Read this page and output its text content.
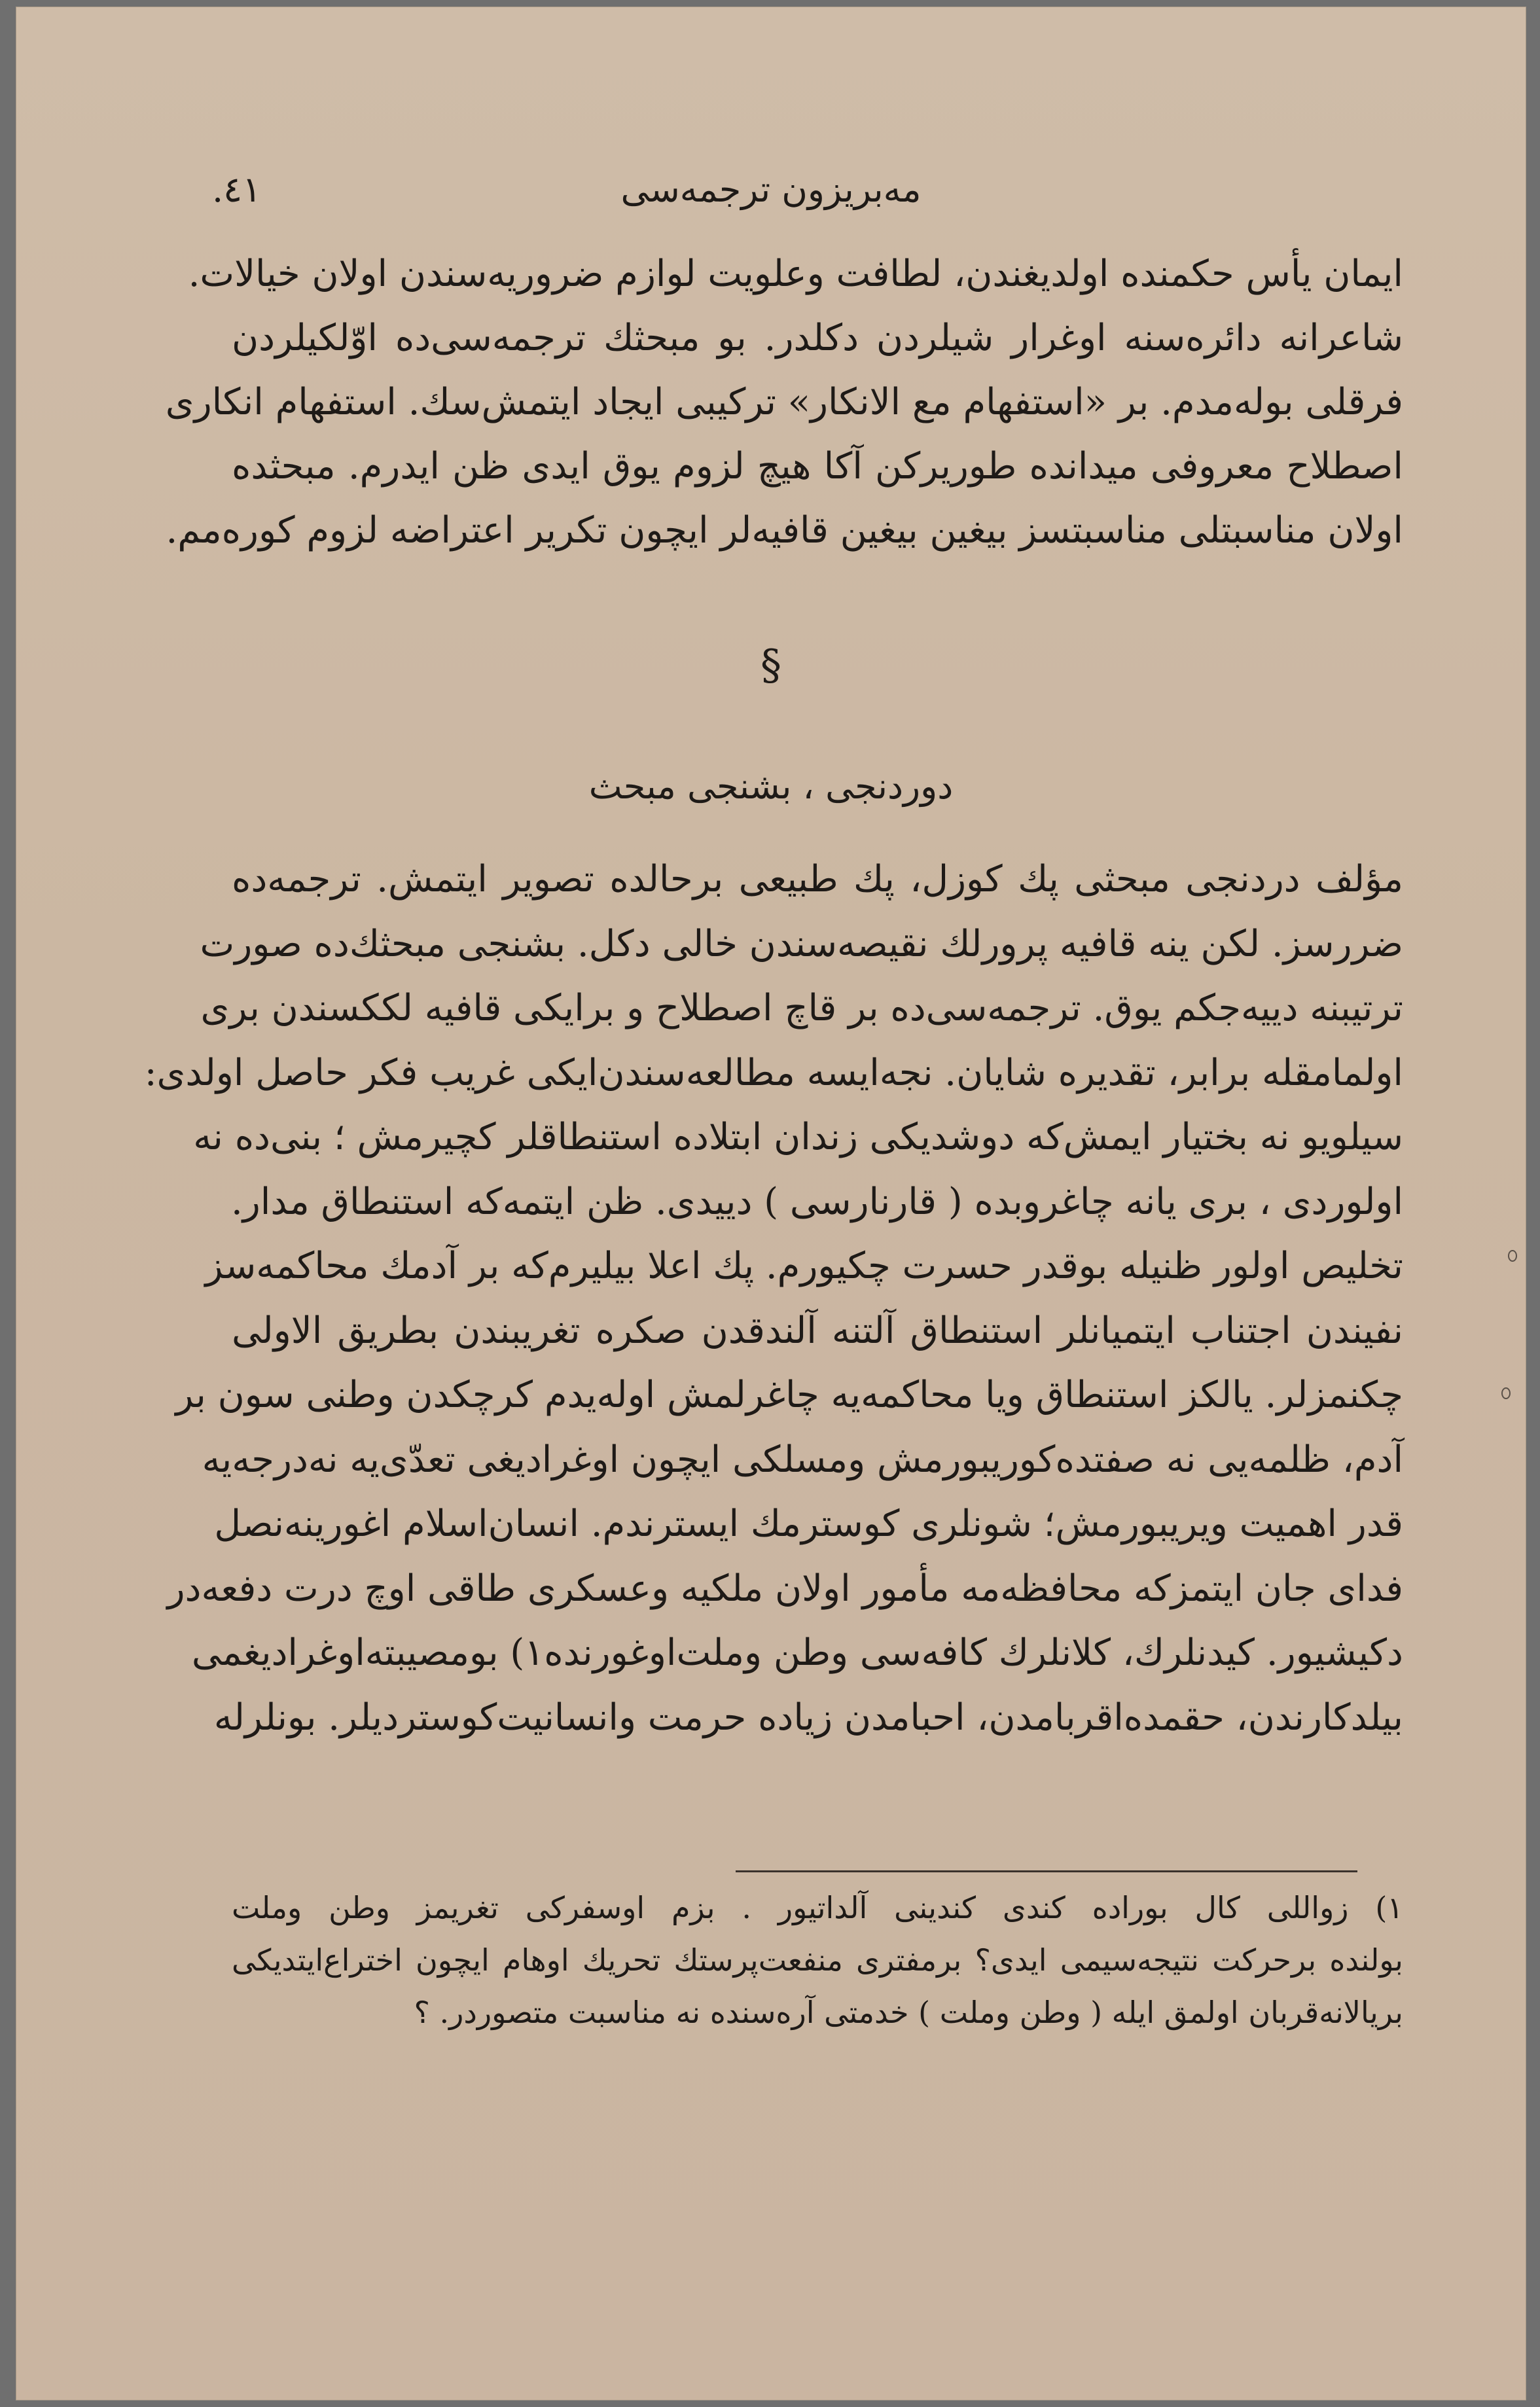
مه‌بریزون ترجمه‌سی
٤١.
ایمان یأس حکمنده اولدیغندن، لطافت وعلویت لوازم ضروریه‌سندن اولان خیالات‌.
شاعرانه دائره‌سنه اوغرار شیلردن دکلدر. بو مبحثك ترجمه‌سی‌ده اوّلکیلردن
فرقلی بوله‌مدم. بر «استفهام مع الانکار» ترکیبی ایجاد ایتمش‌سك. استفهام انکاری
اصطلاح معروفی میدانده طوریرکن آکا هیچ لزوم یوق ایدی ظن ایدرم. مبحثده
اولان مناسبتلی مناسبتسز بیغین بیغین قافیه‌لر ایچون تکریر اعتراضه لزوم کوره‌مم.
§
دوردنجی ، بشنجی مبحث
مؤلف دردنجی مبحثی پك کوزل، پك طبیعی برحالده تصویر ایتمش. ترجمه‌ده
ضررسز. لکن ینه قافیه پرورلك نقیصه‌سندن خالی دکل. بشنجی مبحثك‌ده صورت
ترتیبنه دییه‌جکم یوق. ترجمه‌سی‌ده بر قاچ اصطلاح و برایکی قافیه لککسندن بری
اولمامقله برابر، تقدیره شایان. نجه‌ایسه مطالعه‌سندن‌ایکی غریب فکر حاصل اولدی:
سیلویو نه بختیار ایمش‌که دوشدیکی زندان ابتلاده استنطاقلر کچیرمش ؛ بنی‌ده نه
اولوردی ، بری یانه چاغروبده ( قارنارسی ) دییدی. ظن ایتمه‌که استنطاق مدار‌.
تخلیص اولور ظنیله بوقدر حسرت چکیورم. پك اعلا بیلیرم‌که بر آدمك محاکمه‌سز
نفیندن اجتناب ایتمیانلر استنطاق آلتنه آلندقدن صکره تغریبندن بطریق الاولی
چکنمزلر. یالکز استنطاق ویا محاکمه‌یه چاغرلمش اوله‌یدم کرچکدن وطنی سون بر
آدم، ظلمه‌یی نه صفتده‌کوریبورمش و‌مسلکی ایچون اوغرادیغی تعدّی‌یه نه‌درجه‌یه
قدر اهمیت ویریبورمش؛ شونلری کوسترمك ایسترندم. انسان‌اسلام اغورینه‌نصل
فدای جان ایتمزکه محافظه‌مه مأمور اولان ملکیه و‌عسکری طاقی اوچ درت دفعه‌در
دکیشیور. کیدنلرك، کلانلرك کافه‌سی وطن وملت‌اوغورنده١) بومصیبته‌اوغرادیغمی
بیلدکارندن، حقمده‌اقربامدن، احبامدن زیاده حرمت وانسانیت‌کوستردیلر. بونلرله
١) زواللی کال بوراده کندی کندینی آلداتیور . بزم اوسفرکی تغریمز وطن وملت
بولنده برحرکت نتیجه‌سیمی ایدی؟ برمفتری منفعت‌پرستك تحریك اوهام ایچون اختراع‌ایتدیکی
بریالانه‌قربان اولمق ایله ( وطن وملت ) خدمتی آره‌سنده نه مناسبت متصوردر. ؟
